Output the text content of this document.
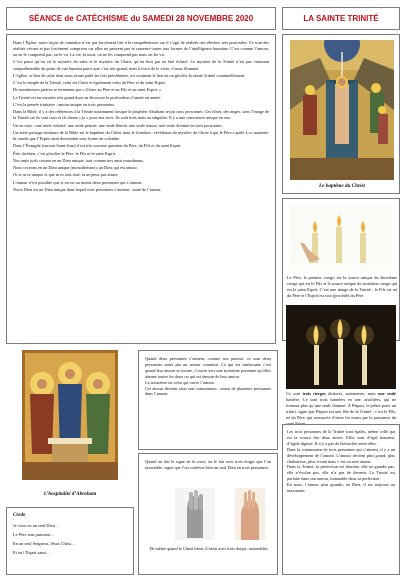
SÉANCE de CATÉCHISME du SAMEDI 28 NOVEMBRE 2020	LA SAINTE TRINITÉ
Dans l’Église, notre façon de connaître n’est pas forcément liée à la compréhension car il s’agit de réalités très élevées, très profondes. Ce sont des réalités vécues et pas forcément comprises car elles ne peuvent pas se ramener toutes aux formes de l’intelligence humaine. C’est comme l’amour, on ne le comprend pas, on le vit. La vie, la mort, on ne les comprend pas mais on les vit.
C’est parce qu’on vit le mystère du salut et le mystère du Christ, qu’on finit par en être éclairé. Le mystère de la Trinité n’est pas vraiment compréhensible du point de vue humain parce que c’est très grand, mais à force de le vivre, il nous illumine.
L’église, ce lieu de culte dont nous avons parlé les fois précédentes, est vraiment le lieu où on glorifie la sainte Trinité continuellement.
C’est le temple de la Trinité, celui du Christ et également celui du Père et du saint Esprit.
De nombreuses prières se terminent par « Gloire au Père et au Fils et au saint Esprit. »
La Trinité est un mystère très grand dont on découvre la profondeur d’année en année.
C’est la pensée trinitaire : amour unique en trois personnes.
Dans la Bible, il y a des références à la Trinité notamment lorsque le prophète Abraham reçoit trois personnes. Ces hôtes, des anges, sont l’image de la Trinité car ils sont trois et ils disent « je » pour eux trois. Ils sont trois mais au singulier. Il y a une conscience unique en eux.
Un en trois : une seule volonté, une seule pensée, une seule liberté, une seule nature, une seule divinité en trois personnes.
Un autre passage trinitaire de la Bible est le baptême du Christ dans le Jourdain : révélation du mystère du Christ à qui le Père a parlé à ce moment-là, tandis que l’Esprit saint descendait sous forme de colombe.
Dans l’Évangile (surtout Saint-Jean) il est très souvent question du Père, du Fils et du saint Esprit.
Être chrétien, c’est glorifier le Père, le Fils et le saint Esprit.
Nos amis juifs croient en un Dieu unique, tout comme nos amis musulmans.
Nous croyons en un Dieu unique (monothéisme), un Dieu qui est amour.
Or si tu es unique et que tu es tout seul, tu ne peux pas aimer.
L’amour n’est possible que si on est au moins deux personnes qui s’aiment.
Notre Dieu est un Dieu unique dans lequel trois personnes s’aiment : unité de l’amour.
Le baptême du Christ
Le Père, le premier cierge, est la source unique du deuxième cierge qui est le Fils et la source unique du troisième cierge qui est le saint Esprit. C’est une image de la Trinité : le Fils est né du Père et l’Esprit est issu (procède) du Père.
Ce sont trois cierges distincts, autonomes, mais une seule lumière. Ce sont trois lumières en une, attachées, qui ne forment plus qu’une seule flamme. À Pâques, le prêtre porte un trikiri, signe que Pâques est une fête de la Trinité : c’est le Fils, né du Père, qui ressuscite d’entre les morts par la puissance du
L’hospitalité d’Abraham
Credo
Je crois en un seul Dieu…
Le Père tout puissant…
En un seul Seigneur, Jésus Christ…
Et en l’Esprit saint…
Quand deux personnes s’aiment, comme nos parents, ce sont deux personnes unies par un amour commun. Ce qui est intéressant c’est quand leur amour se tourne, s’ouvre vers une troisième personne qu’elles aiment toutes les deux ou qui est témoin de leur amour.
La troisième est celui qui ouvre l’amour.
Cet amour devient alors une communion : union de plusieurs personnes dans l’amour.
Quand on fait le signe de la croix, on le fait avec trois doigts que l’on rassemble, signe que l’on confesse bien un seul Dieu en trois personnes.
De même quand le Christ bénit, il bénit avec trois doigts, rassemblés.
Les trois personnes de la Trinité sont égales, même celle qui est la source des deux autres. Elles sont d’égal honneur, d’égale dignité. Il n’y a pas de hiérarchie entre elles.
Dans la communion de trois personnes qui s’aiment, il y a un développement de l’amour. L’amour devient plus grand, plus chaleureux, plus vivant mais c’est un seul amour.
Dans la Trinité, la perfection est absolue, elle ne grandit pas, elle n’évolue pas, elle n’a pas de devenir. La Trinité est parfaite dans son amour, immuable dans sa perfection.
En nous, l’amour peut grandir, en Dieu, il est toujours au maximum.
